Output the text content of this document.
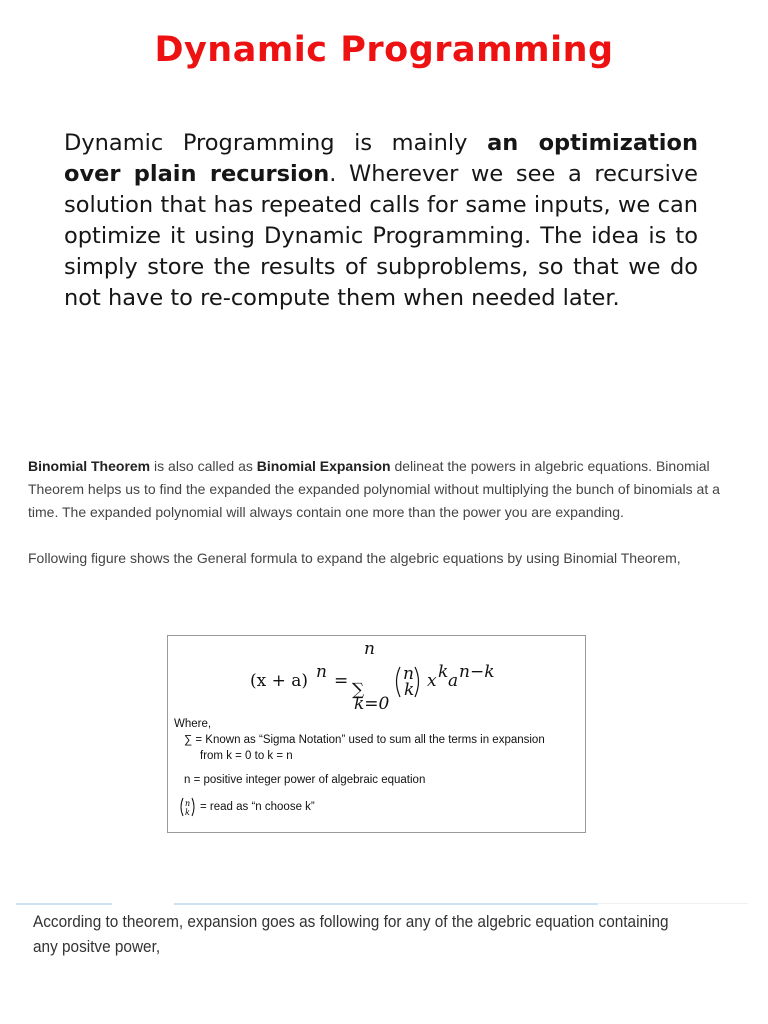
Dynamic Programming
Dynamic Programming is mainly an optimization over plain recursion. Wherever we see a recursive solution that has repeated calls for same inputs, we can optimize it using Dynamic Programming. The idea is to simply store the results of subproblems, so that we do not have to re-compute them when needed later.

Binomial Theorem is also called as Binomial Expansion delineat the powers in algebric equations. Binomial Theorem helps us to find the expanded the expanded polynomial without multiplying the bunch of binomials at a time. The expanded polynomial will always contain one more than the power you are expanding.

Following figure shows the General formula to expand the algebric equations by using Binomial Theorem,

(x + a) n =
n
∑
k=0
n
k x k a n−k
Where,
∑ = Known as “Sigma Notation” used to sum all the terms in expansion
from k = 0 to k = n
n = positive integer power of algebraic equation
n
k = read as “n choose k”

According to theorem, expansion goes as following for any of the algebric equation containing any positve power,
